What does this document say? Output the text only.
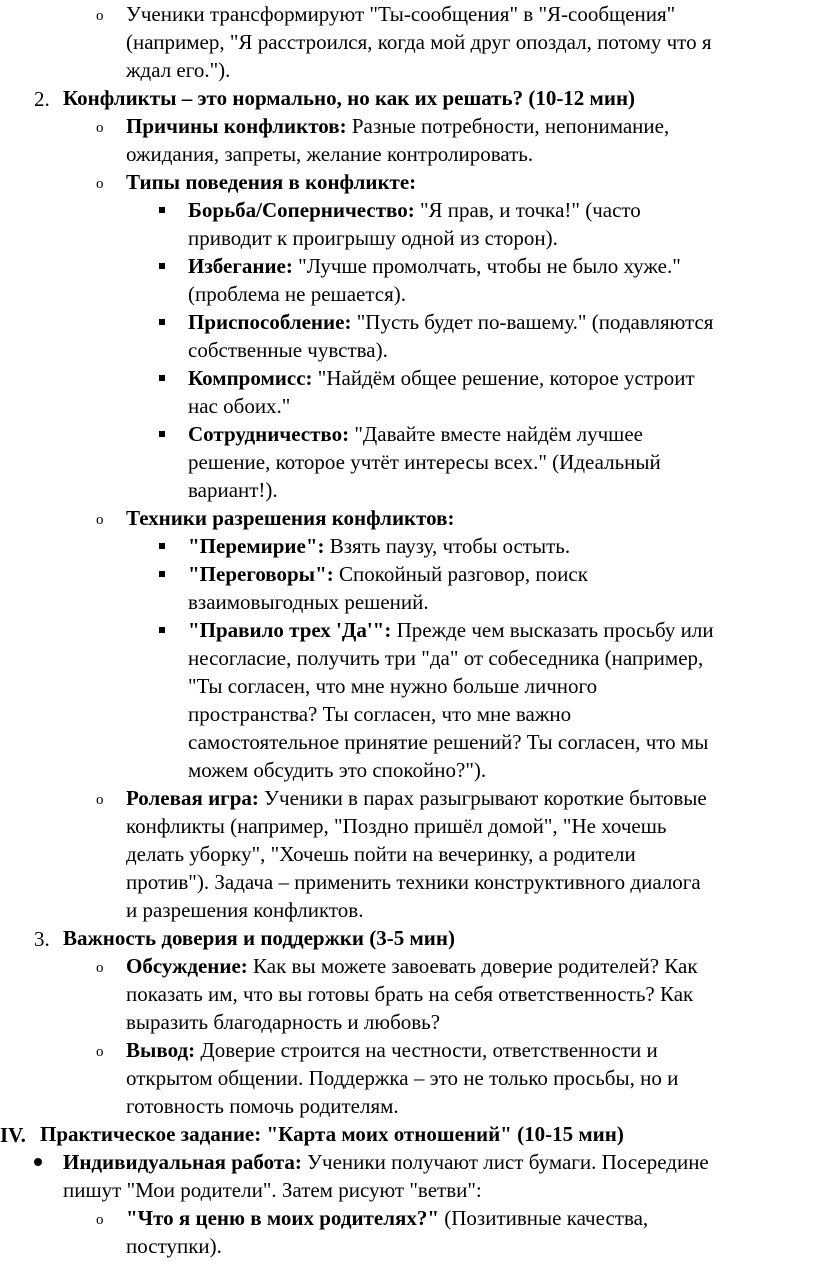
o
2.
o
o
o
o
3.
o
o
IV.
o
Ученики трансформируют "Ты-сообщения" в "Я-сообщения"
(например, "Я расстроился, когда мой друг опоздал, потому что я
ждал его.").
Конфликты – это нормально, но как их решать? (10-12 мин)
Причины конфликтов: Разные потребности, непонимание,
ожидания, запреты, желание контролировать.
Типы поведения в конфликте:
Борьба/Соперничество: "Я прав, и точка!" (часто
приводит к проигрышу одной из сторон).
Избегание: "Лучше промолчать, чтобы не было хуже."
(проблема не решается).
Приспособление: "Пусть будет по-вашему." (подавляются
собственные чувства).
Компромисс: "Найдём общее решение, которое устроит
нас обоих."
Сотрудничество: "Давайте вместе найдём лучшее
решение, которое учтёт интересы всех." (Идеальный
вариант!).
Техники разрешения конфликтов:
"Перемирие": Взять паузу, чтобы остыть.
"Переговоры": Спокойный разговор, поиск
взаимовыгодных решений.
"Правило трех 'Да'": Прежде чем высказать просьбу или
несогласие, получить три "да" от собеседника (например,
"Ты согласен, что мне нужно больше личного
пространства? Ты согласен, что мне важно
самостоятельное принятие решений? Ты согласен, что мы
можем обсудить это спокойно?").
Ролевая игра: Ученики в парах разыгрывают короткие бытовые
конфликты (например, "Поздно пришёл домой", "Не хочешь
делать уборку", "Хочешь пойти на вечеринку, а родители
против"). Задача – применить техники конструктивного диалога
и разрешения конфликтов.
Важность доверия и поддержки (3-5 мин)
Обсуждение: Как вы можете завоевать доверие родителей? Как
показать им, что вы готовы брать на себя ответственность? Как
выразить благодарность и любовь?
Вывод: Доверие строится на честности, ответственности и
открытом общении. Поддержка – это не только просьбы, но и
готовность помочь родителям.
Практическое задание: "Карта моих отношений" (10-15 мин)
Индивидуальная работа: Ученики получают лист бумаги. Посередине
пишут "Мои родители". Затем рисуют "ветви":
"Что я ценю в моих родителях?" (Позитивные качества,
поступки).
